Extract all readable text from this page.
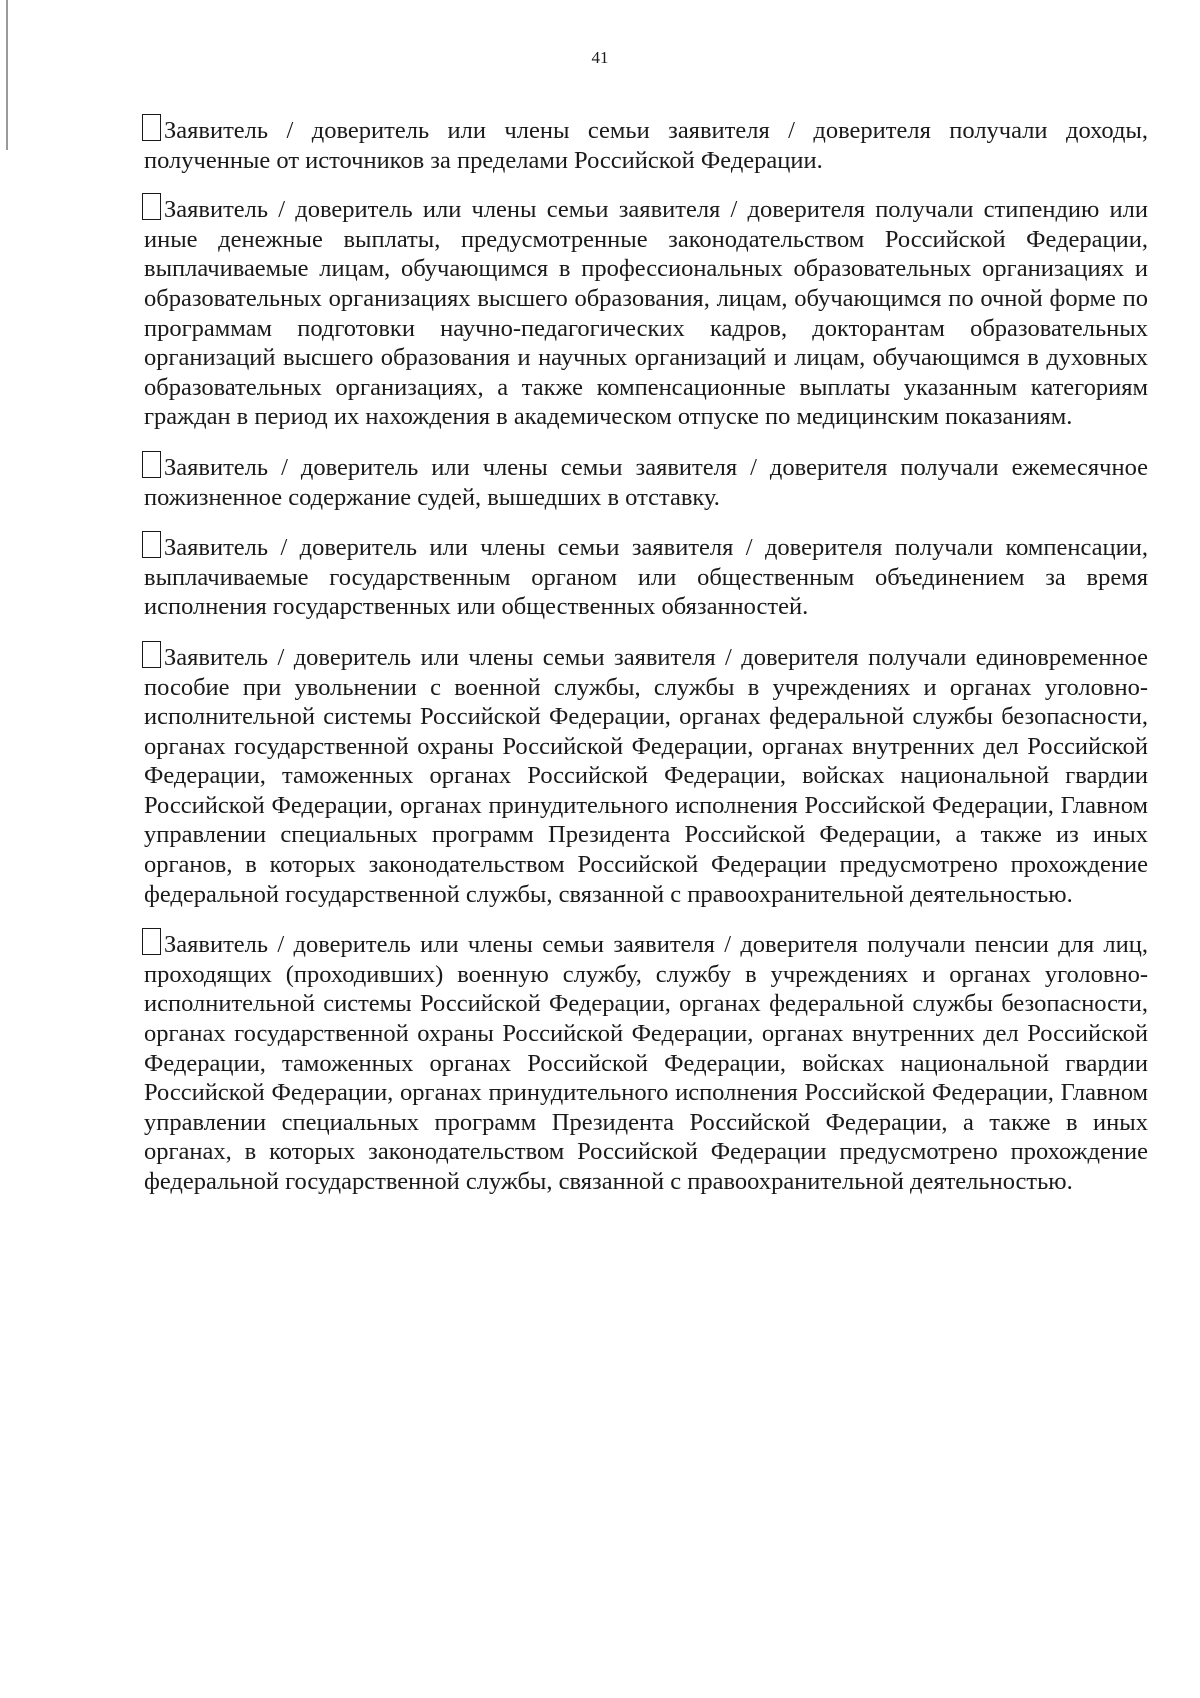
41
Заявитель / доверитель или члены семьи заявителя / доверителя получали доходы, полученные от источников за пределами Российской Федерации.
Заявитель / доверитель или члены семьи заявителя / доверителя получали стипендию или иные денежные выплаты, предусмотренные законодательством Российской Федерации, выплачиваемые лицам, обучающимся в профессиональных образовательных организациях и образовательных организациях высшего образования, лицам, обучающимся по очной форме по программам подготовки научно-педагогических кадров, докторантам образовательных организаций высшего образования и научных организаций и лицам, обучающимся в духовных образовательных организациях, а также компенсационные выплаты указанным категориям граждан в период их нахождения в академическом отпуске по медицинским показаниям.
Заявитель / доверитель или члены семьи заявителя / доверителя получали ежемесячное пожизненное содержание судей, вышедших в отставку.
Заявитель / доверитель или члены семьи заявителя / доверителя получали компенсации, выплачиваемые государственным органом или общественным объединением за время исполнения государственных или общественных обязанностей.
Заявитель / доверитель или члены семьи заявителя / доверителя получали единовременное пособие при увольнении с военной службы, службы в учреждениях и органах уголовно-исполнительной системы Российской Федерации, органах федеральной службы безопасности, органах государственной охраны Российской Федерации, органах внутренних дел Российской Федерации, таможенных органах Российской Федерации, войсках национальной гвардии Российской Федерации, органах принудительного исполнения Российской Федерации, Главном управлении специальных программ Президента Российской Федерации, а также из иных органов, в которых законодательством Российской Федерации предусмотрено прохождение федеральной государственной службы, связанной с правоохранительной деятельностью.
Заявитель / доверитель или члены семьи заявителя / доверителя получали пенсии для лиц, проходящих (проходивших) военную службу, службу в учреждениях и органах уголовно-исполнительной системы Российской Федерации, органах федеральной службы безопасности, органах государственной охраны Российской Федерации, органах внутренних дел Российской Федерации, таможенных органах Российской Федерации, войсках национальной гвардии Российской Федерации, органах принудительного исполнения Российской Федерации, Главном управлении специальных программ Президента Российской Федерации, а также в иных органах, в которых законодательством Российской Федерации предусмотрено прохождение федеральной государственной службы, связанной с правоохранительной деятельностью.
